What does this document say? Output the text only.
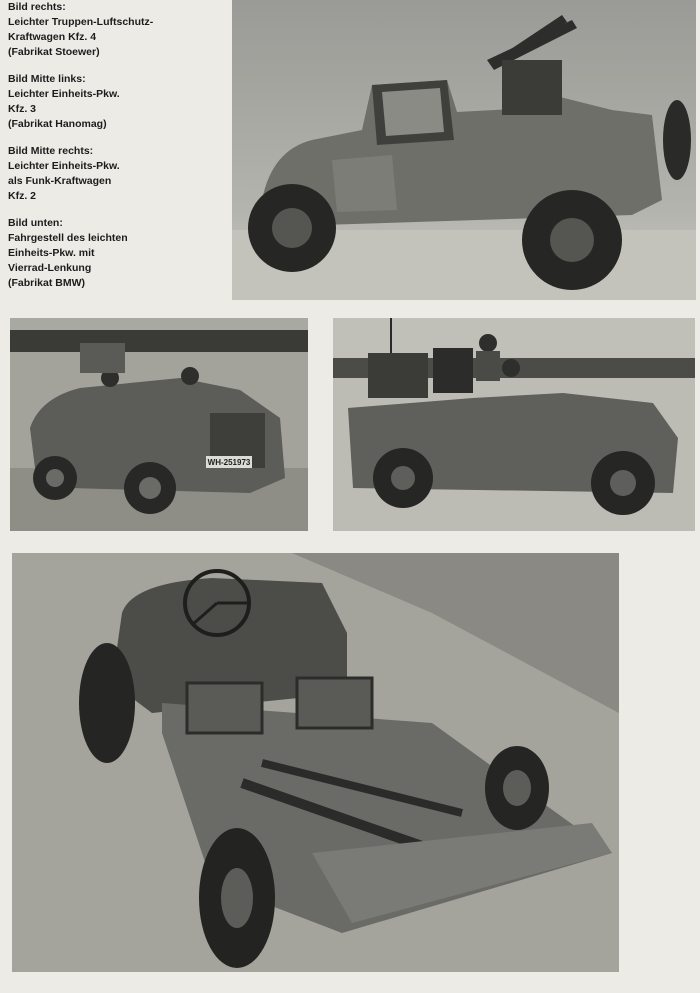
Bild rechts:
Leichter Truppen-Luftschutz-
Kraftwagen Kfz. 4
(Fabrikat Stoewer)
Bild Mitte links:
Leichter Einheits-Pkw.
Kfz. 3
(Fabrikat Hanomag)
Bild Mitte rechts:
Leichter Einheits-Pkw.
als Funk-Kraftwagen
Kfz. 2
Bild unten:
Fahrgestell des leichten
Einheits-Pkw. mit
Vierrad-Lenkung
(Fabrikat BMW)
WH-251973
